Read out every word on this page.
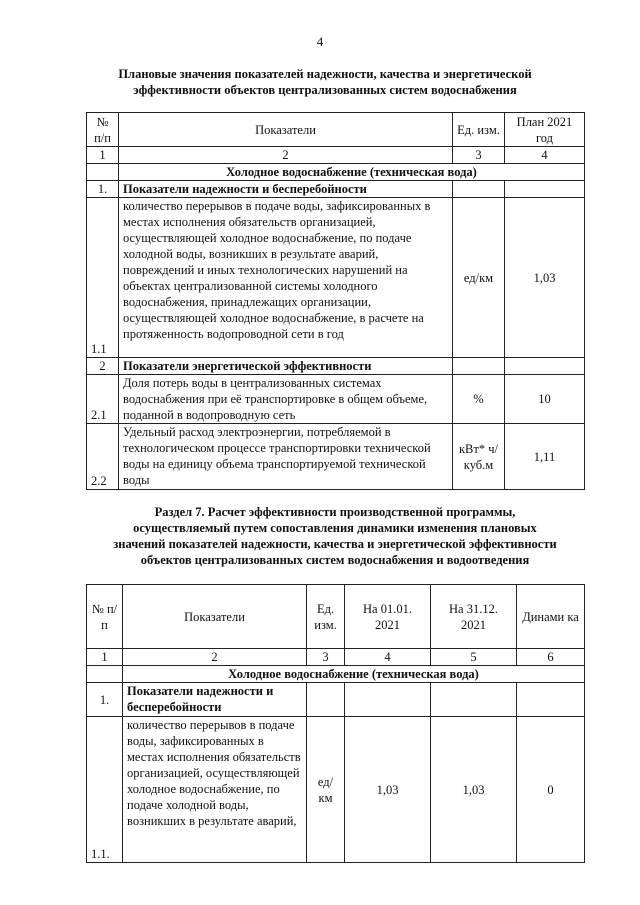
4
Плановые значения показателей надежности, качества и энергетической
эффективности объектов централизованных систем водоснабжения
№ п/п	Показатели	Ед. изм.	План 2021 год
1	2	3	4
	Холодное водоснабжение (техническая вода)		
1.	Показатели надежности и бесперебойности		
1.1	количество перерывов в подаче воды, зафиксированных в местах исполнения обязательств организацией, осуществляющей холодное водоснабжение, по подаче холодной воды, возникших в результате аварий, повреждений и иных технологических нарушений на объектах централизованной системы холодного водоснабжения, принадлежащих организации, осуществляющей холодное водоснабжение, в расчете на протяженность водопроводной сети в год	ед/км	1,03
2	Показатели энергетической эффективности		
2.1	Доля потерь воды в централизованных системах водоснабжения при её транспортировке в общем объеме, поданной в водопроводную сеть	%	10
2.2	Удельный расход электроэнергии, потребляемой в технологическом процессе транспортировки технической воды на единицу объема транспортируемой технической воды	кВт* ч/ куб.м	1,11
Раздел 7. Расчет эффективности производственной программы,
осуществляемый путем сопоставления динамики изменения плановых
значений показателей надежности, качества и энергетической эффективности
объектов централизованных систем водоснабжения и водоотведения
№ п/п	Показатели	Ед. изм.	На 01.01. 2021	На 31.12. 2021	Динами ка
1	2	3	4	5	6
	Холодное водоснабжение (техническая вода)				
1.	Показатели надежности и бесперебойности				
1.1.	количество перерывов в подаче воды, зафиксированных в местах исполнения обязательств организацией, осуществляющей холодное водоснабжение, по подаче холодной воды, возникших в результате аварий,	ед/ км	1,03	1,03	0
